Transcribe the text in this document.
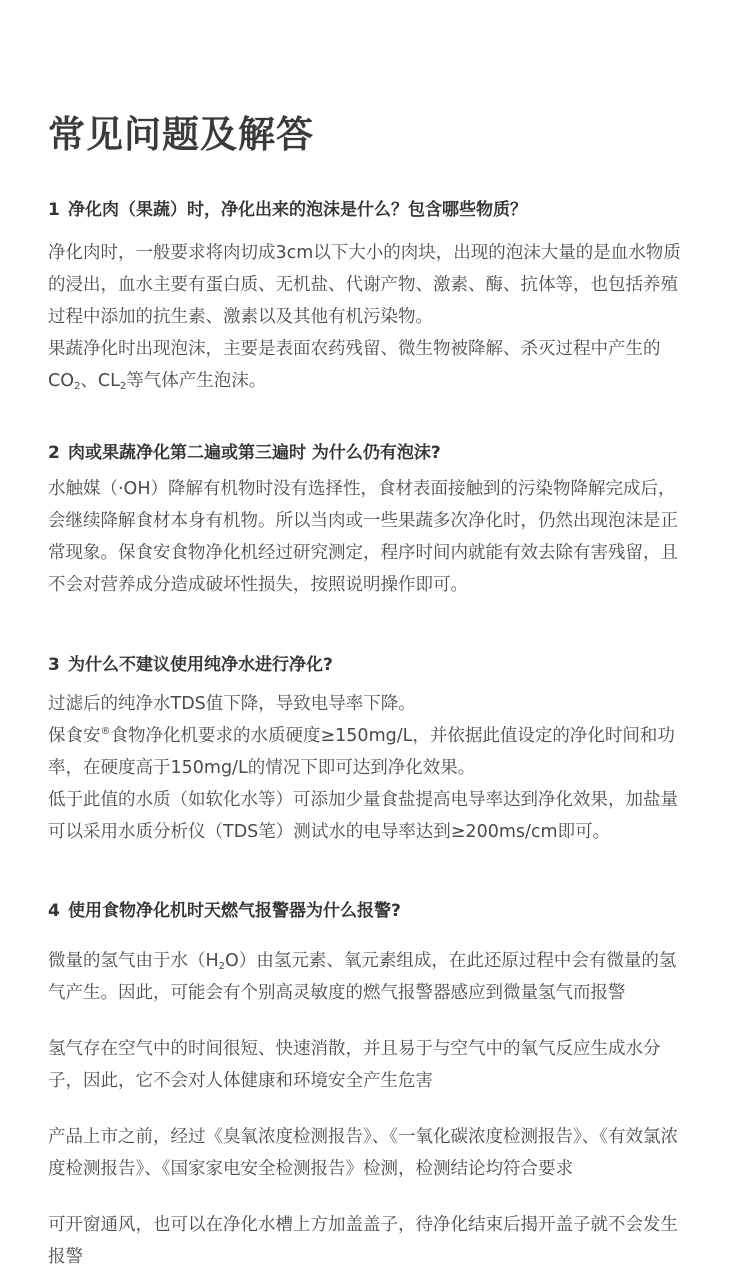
常见问题及解答
1 净化肉（果蔬）时，净化出来的泡沫是什么？包含哪些物质？

净化肉时，一般要求将肉切成3cm以下大小的肉块，出现的泡沫大量的是血水物质的浸出，血水主要有蛋白质、无机盐、代谢产物、激素、酶、抗体等，也包括养殖过程中添加的抗生素、激素以及其他有机污染物。

果蔬净化时出现泡沫，主要是表面农药残留、微生物被降解、杀灭过程中产生的$CO_2$、$CL_2$等气体产生泡沫。

2 肉或果蔬净化第二遍或第三遍时 为什么仍有泡沫?

水触媒（·OH）降解有机物时没有选择性，食材表面接触到的污染物降解完成后，会继续降解食材本身有机物。所以当肉或一些果蔬多次净化时，仍然出现泡沫是正常现象。保食安食物净化机经过研究测定，程序时间内就能有效去除有害残留，且不会对营养成分造成破坏性损失，按照说明操作即可。

3 为什么不建议使用纯净水进行净化?

过滤后的纯净水TDS值下降，导致电导率下降。

保食安®食物净化机要求的水质硬度≥150mg/L，并依据此值设定的净化时间和功率，在硬度高于150mg/L的情况下即可达到净化效果。

低于此值的水质（如软化水等）可添加少量食盐提高电导率达到净化效果，加盐量可以采用水质分析仪（TDS笔）测试水的电导率达到≥200ms/cm即可。

4 使用食物净化机时天燃气报警器为什么报警?

微量的氢气由于水$(H_2O)$由氢元素、氧元素组成，在此还原过程中会有微量的氢气产生。因此，可能会有个别高灵敏度的燃气报警器感应到微量氢气而报警

氢气存在空气中的时间很短、快速消散，并且易于与空气中的氧气反应生成水分子，因此，它不会对人体健康和环境安全产生危害

产品上市之前，经过《臭氧浓度检测报告》、《一氧化碳浓度检测报告》、《有效氯浓度检测报告》、《国家家电安全检测报告》检测，检测结论均符合要求

可开窗通风，也可以在净化水槽上方加盖盖子，待净化结束后揭开盖子就不会发生报警
